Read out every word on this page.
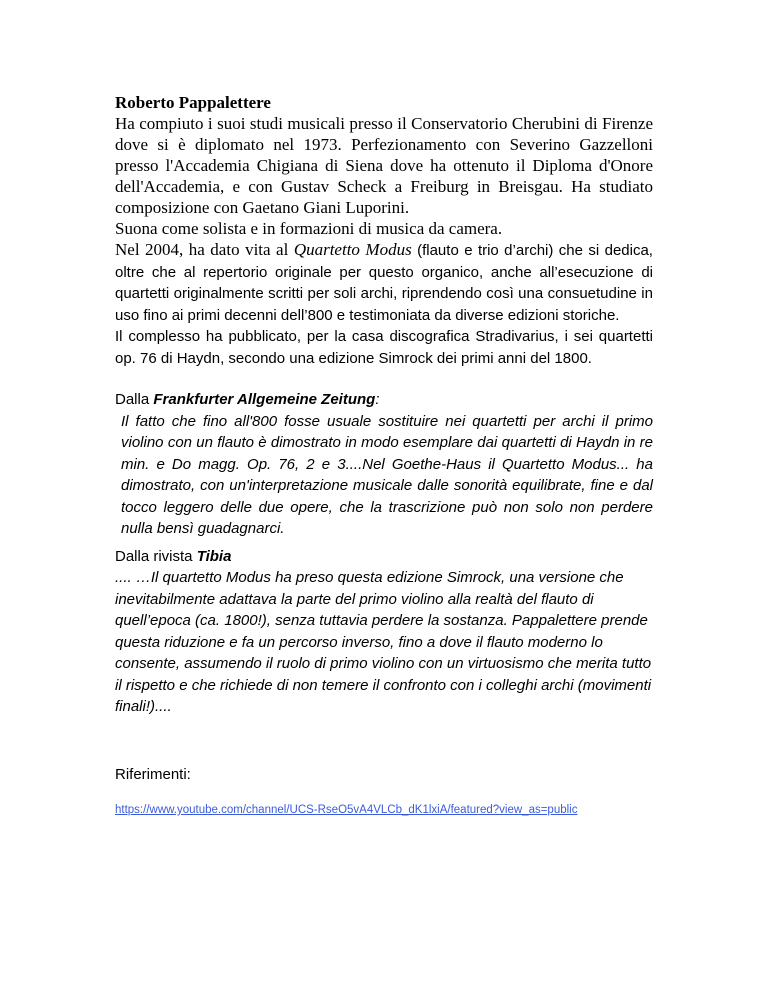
Roberto Pappalettere

Ha compiuto i suoi studi musicali presso il Conservatorio Cherubini di Firenze dove si è diplomato nel 1973. Perfezionamento con Severino Gazzelloni presso l'Accademia Chigiana di Siena dove ha ottenuto il Diploma d'Onore dell'Accademia, e con Gustav Scheck a Freiburg in Breisgau. Ha studiato composizione con Gaetano Giani Luporini.

Suona come solista e in formazioni di musica da camera.

Nel 2004, ha dato vita al Quartetto Modus (flauto e trio d’archi) che si dedica, oltre che al repertorio originale per questo organico, anche all’esecuzione di quartetti originalmente scritti per soli archi, riprendendo così una consuetudine in uso fino ai primi decenni dell’800 e testimoniata da diverse edizioni storiche.

Il complesso ha pubblicato, per la casa discografica Stradivarius, i sei quartetti op. 76 di Haydn, secondo una edizione Simrock dei primi anni del 1800.

Dalla Frankfurter Allgemeine Zeitung:

Il fatto che fino all'800 fosse usuale sostituire nei quartetti per archi il primo violino con un flauto è dimostrato in modo esemplare dai quartetti di Haydn in re min. e Do magg. Op. 76, 2 e 3....Nel Goethe-Haus il Quartetto Modus... ha dimostrato, con un'interpretazione musicale dalle sonorità equilibrate, fine e dal tocco leggero delle due opere, che la trascrizione può non solo non perdere nulla bensì guadagnarci.

Dalla rivista Tibia

.... …Il quartetto Modus ha preso questa edizione Simrock, una versione che inevitabilmente adattava la parte del primo violino alla realtà del flauto di quell’epoca (ca. 1800!), senza tuttavia perdere la sostanza. Pappalettere prende questa riduzione e fa un percorso inverso, fino a dove il flauto moderno lo consente, assumendo il ruolo di primo violino con un virtuosismo che merita tutto il rispetto e che richiede di non temere il confronto con i colleghi archi (movimenti finali!)....

Riferimenti:

https://www.youtube.com/channel/UCS-RseO5vA4VLCb_dK1lxiA/featured?view_as=public
